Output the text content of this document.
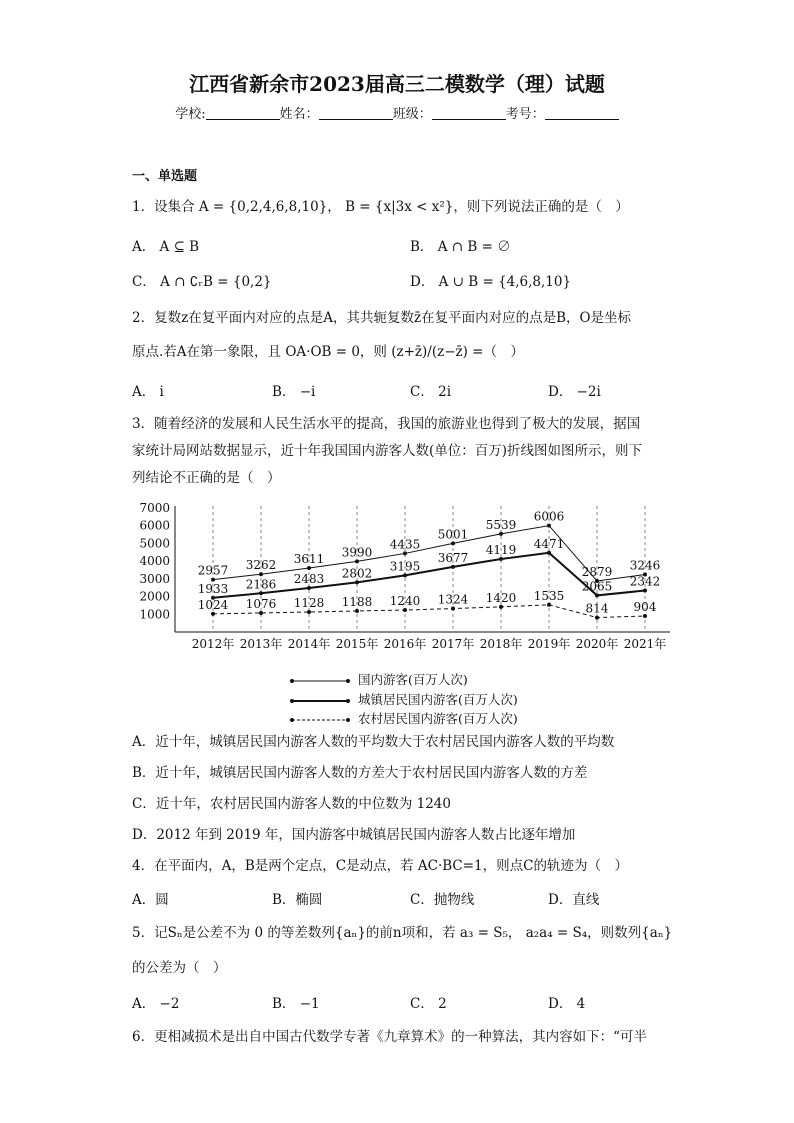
江西省新余市2023届高三二模数学（理）试题
学校:	姓名：	班级：	考号：
一、单选题
1．设集合 A = {0,2,4,6,8,10}， B = {x|3x < x²}，则下列说法正确的是（　）
A． A ⊆ B	B． A ∩ B = ∅
C． A ∩ ∁ᵣB = {0,2}	D． A ∪ B = {4,6,8,10}
2．复数z在复平面内对应的点是A，其共轭复数z̄在复平面内对应的点是B，O是坐标
原点.若A在第一象限，且 OA·OB = 0，则 (z+z̄)/(z−z̄) =（　）
A． i	B． −i	C． 2i	D． −2i
3．随着经济的发展和人民生活水平的提高，我国的旅游业也得到了极大的发展，据国
家统计局网站数据显示，近十年我国国内游客人数(单位：百万)折线图如图所示，则下
列结论不正确的是（　）
1000
2000
3000
4000
5000
6000
7000
2012年 2013年 2014年 2015年 2016年 2017年 2018年 2019年 2020年 2021年
2957 3262 3611 3990
4435
5001
5539
6006
2879 3246
1933 2186 2483 2802 3195
3677
4119 4471
2065 2342
1024 1076 1128 1188 1240 1324 1420 1535
814 904
国内游客(百万人次)
城镇居民国内游客(百万人次)
农村居民国内游客(百万人次)
A．近十年，城镇居民国内游客人数的平均数大于农村居民国内游客人数的平均数
B．近十年，城镇居民国内游客人数的方差大于农村居民国内游客人数的方差
C．近十年，农村居民国内游客人数的中位数为 1240
D．2012 年到 2019 年，国内游客中城镇居民国内游客人数占比逐年增加
4．在平面内，A，B是两个定点，C是动点，若 AC·BC=1，则点C的轨迹为（　）
A．圆	B．椭圆	C．抛物线	D．直线
5．记Sₙ是公差不为 0 的等差数列{aₙ}的前n项和，若 a₃ = S₅， a₂a₄ = S₄，则数列{aₙ}
的公差为（　）
A． −2	B． −1	C． 2	D． 4
6．更相减损术是出自中国古代数学专著《九章算术》的一种算法，其内容如下：“可半
